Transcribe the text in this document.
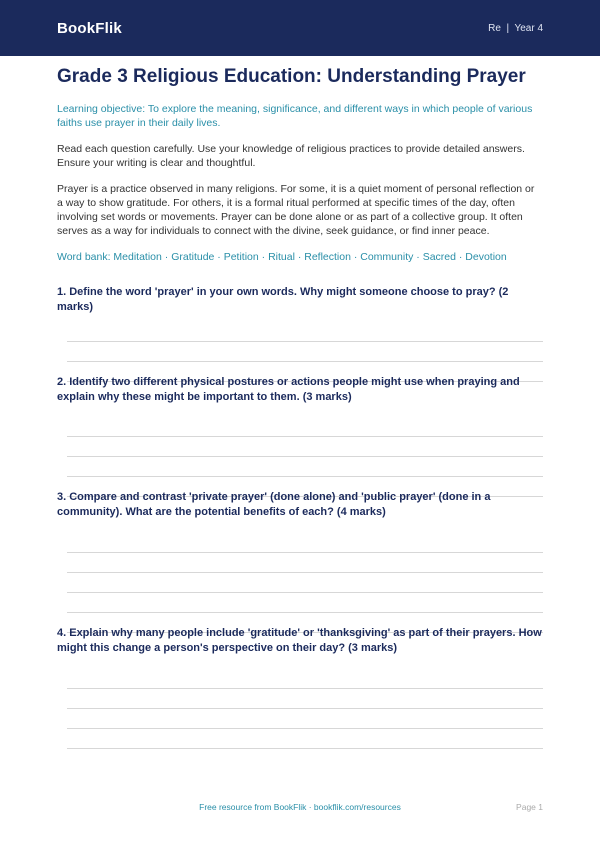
BookFlik	Re  |  Year 4
Grade 3 Religious Education: Understanding Prayer

Learning objective: To explore the meaning, significance, and different ways in which people of various faiths use prayer in their daily lives.

Read each question carefully. Use your knowledge of religious practices to provide detailed answers. Ensure your writing is clear and thoughtful.

Prayer is a practice observed in many religions. For some, it is a quiet moment of personal reflection or a way to show gratitude. For others, it is a formal ritual performed at specific times of the day, often involving set words or movements. Prayer can be done alone or as part of a collective group. It often serves as a way for individuals to connect with the divine, seek guidance, or find inner peace.

Word bank: Meditation · Gratitude · Petition · Ritual · Reflection · Community · Sacred · Devotion

1. Define the word 'prayer' in your own words. Why might someone choose to pray? (2 marks)

2. Identify two different physical postures or actions people might use when praying and explain why these might be important to them. (3 marks)

3. Compare and contrast 'private prayer' (done alone) and 'public prayer' (done in a community). What are the potential benefits of each? (4 marks)

4. Explain why many people include 'gratitude' or 'thanksgiving' as part of their prayers. How might this change a person's perspective on their day? (3 marks)

Free resource from BookFlik · bookflik.com/resources	Page 1
